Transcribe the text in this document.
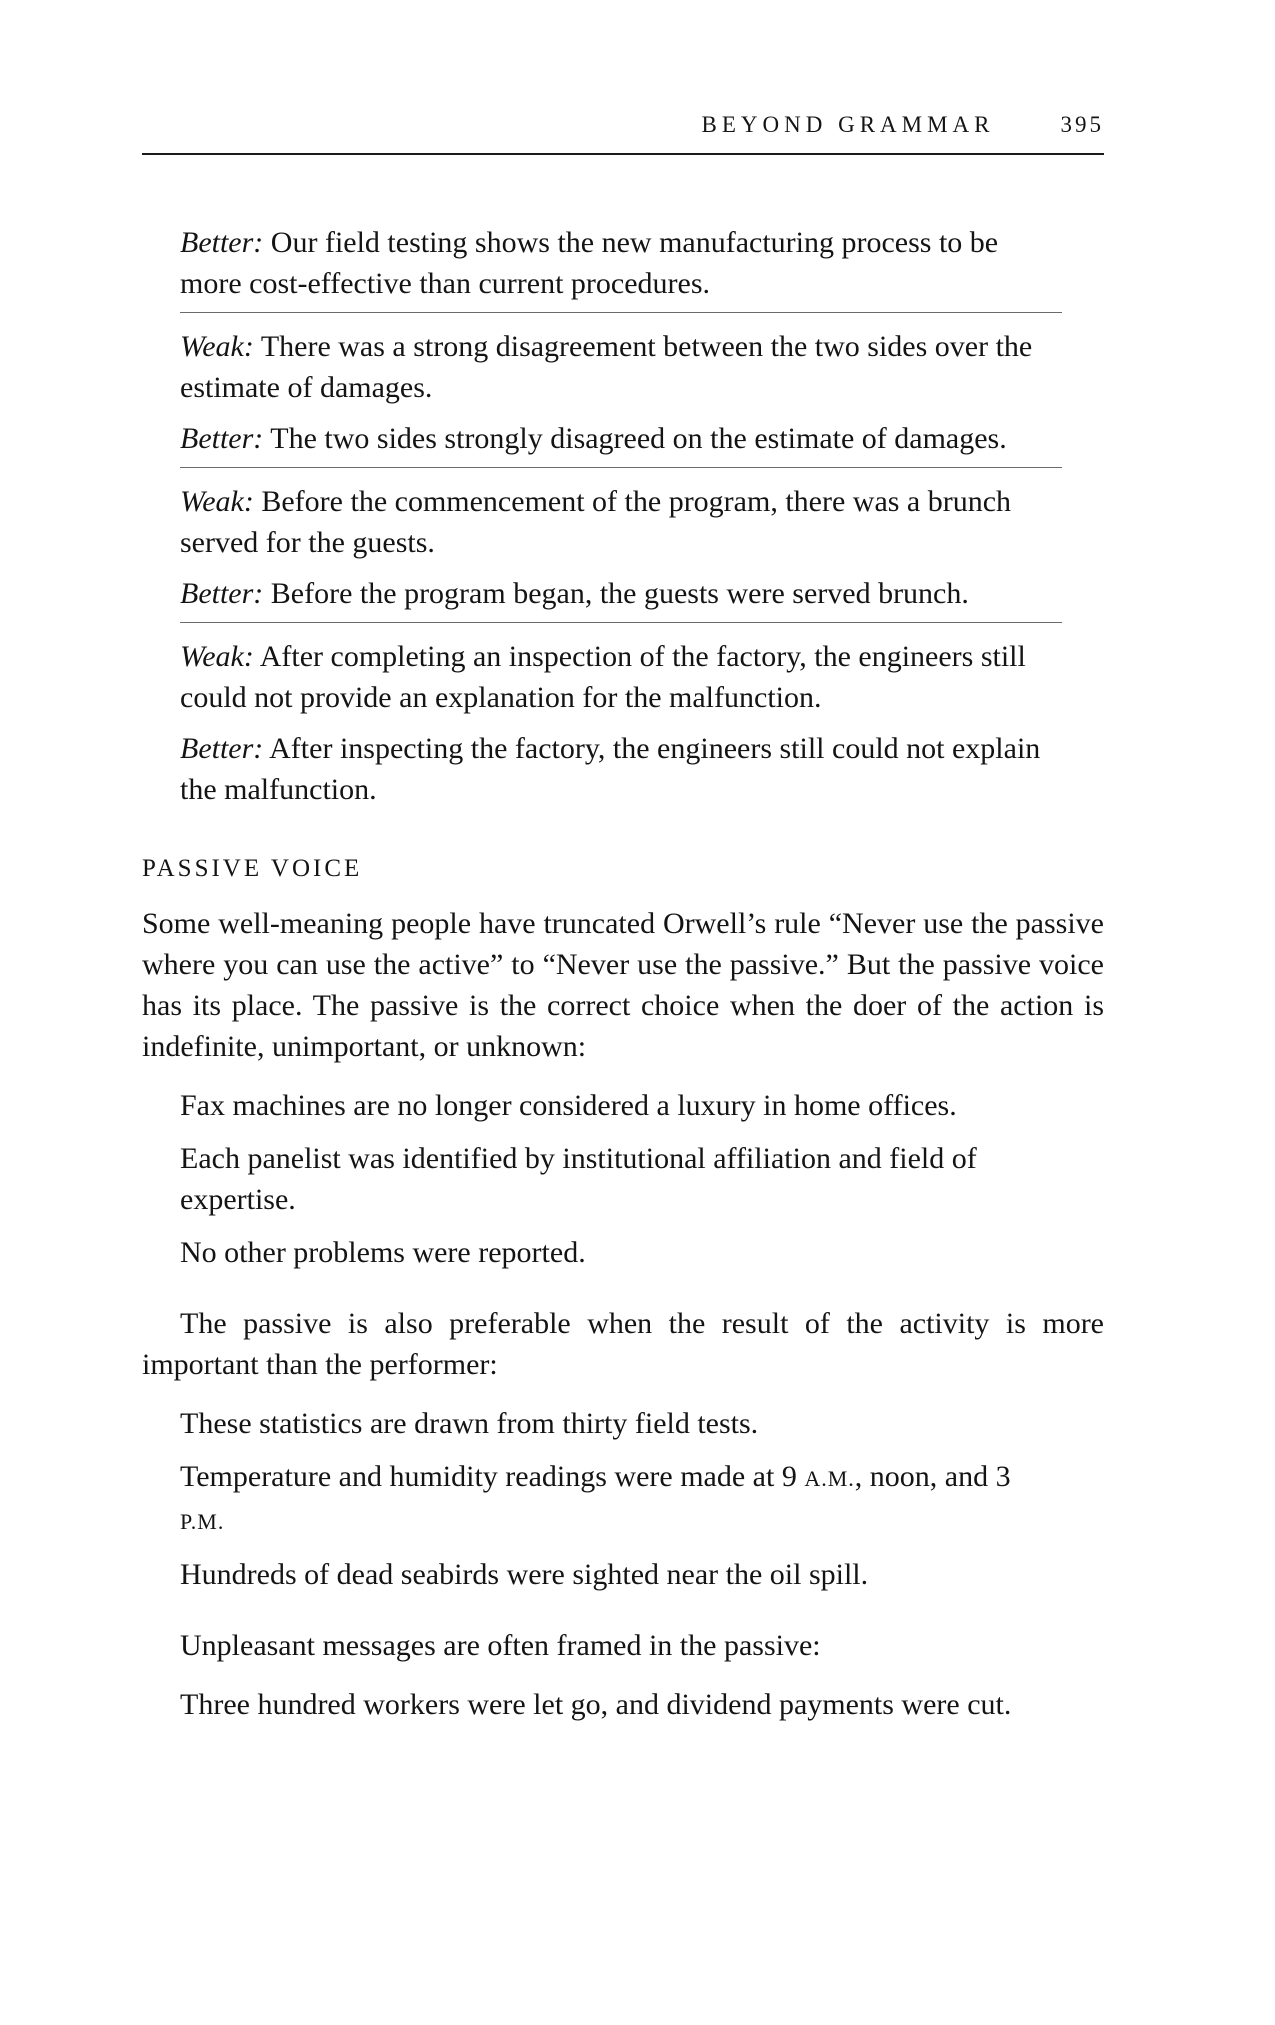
BEYOND GRAMMAR	395

Better: Our field testing shows the new manufacturing process to be more cost-effective than current procedures.

Weak: There was a strong disagreement between the two sides over the estimate of damages.

Better: The two sides strongly disagreed on the estimate of damages.

Weak: Before the commencement of the program, there was a brunch served for the guests.

Better: Before the program began, the guests were served brunch.

Weak: After completing an inspection of the factory, the engineers still could not provide an explanation for the malfunction.

Better: After inspecting the factory, the engineers still could not explain the malfunction.

PASSIVE VOICE

Some well-meaning people have truncated Orwell’s rule “Never use the passive where you can use the active” to “Never use the passive.” But the passive voice has its place. The passive is the correct choice when the doer of the action is indefinite, unimportant, or unknown:

Fax machines are no longer considered a luxury in home offices.

Each panelist was identified by institutional affiliation and field of expertise.

No other problems were reported.

The passive is also preferable when the result of the activity is more important than the performer:

These statistics are drawn from thirty field tests.

Temperature and humidity readings were made at 9 A.M., noon, and 3 P.M.

Hundreds of dead seabirds were sighted near the oil spill.

Unpleasant messages are often framed in the passive:

Three hundred workers were let go, and dividend payments were cut.
